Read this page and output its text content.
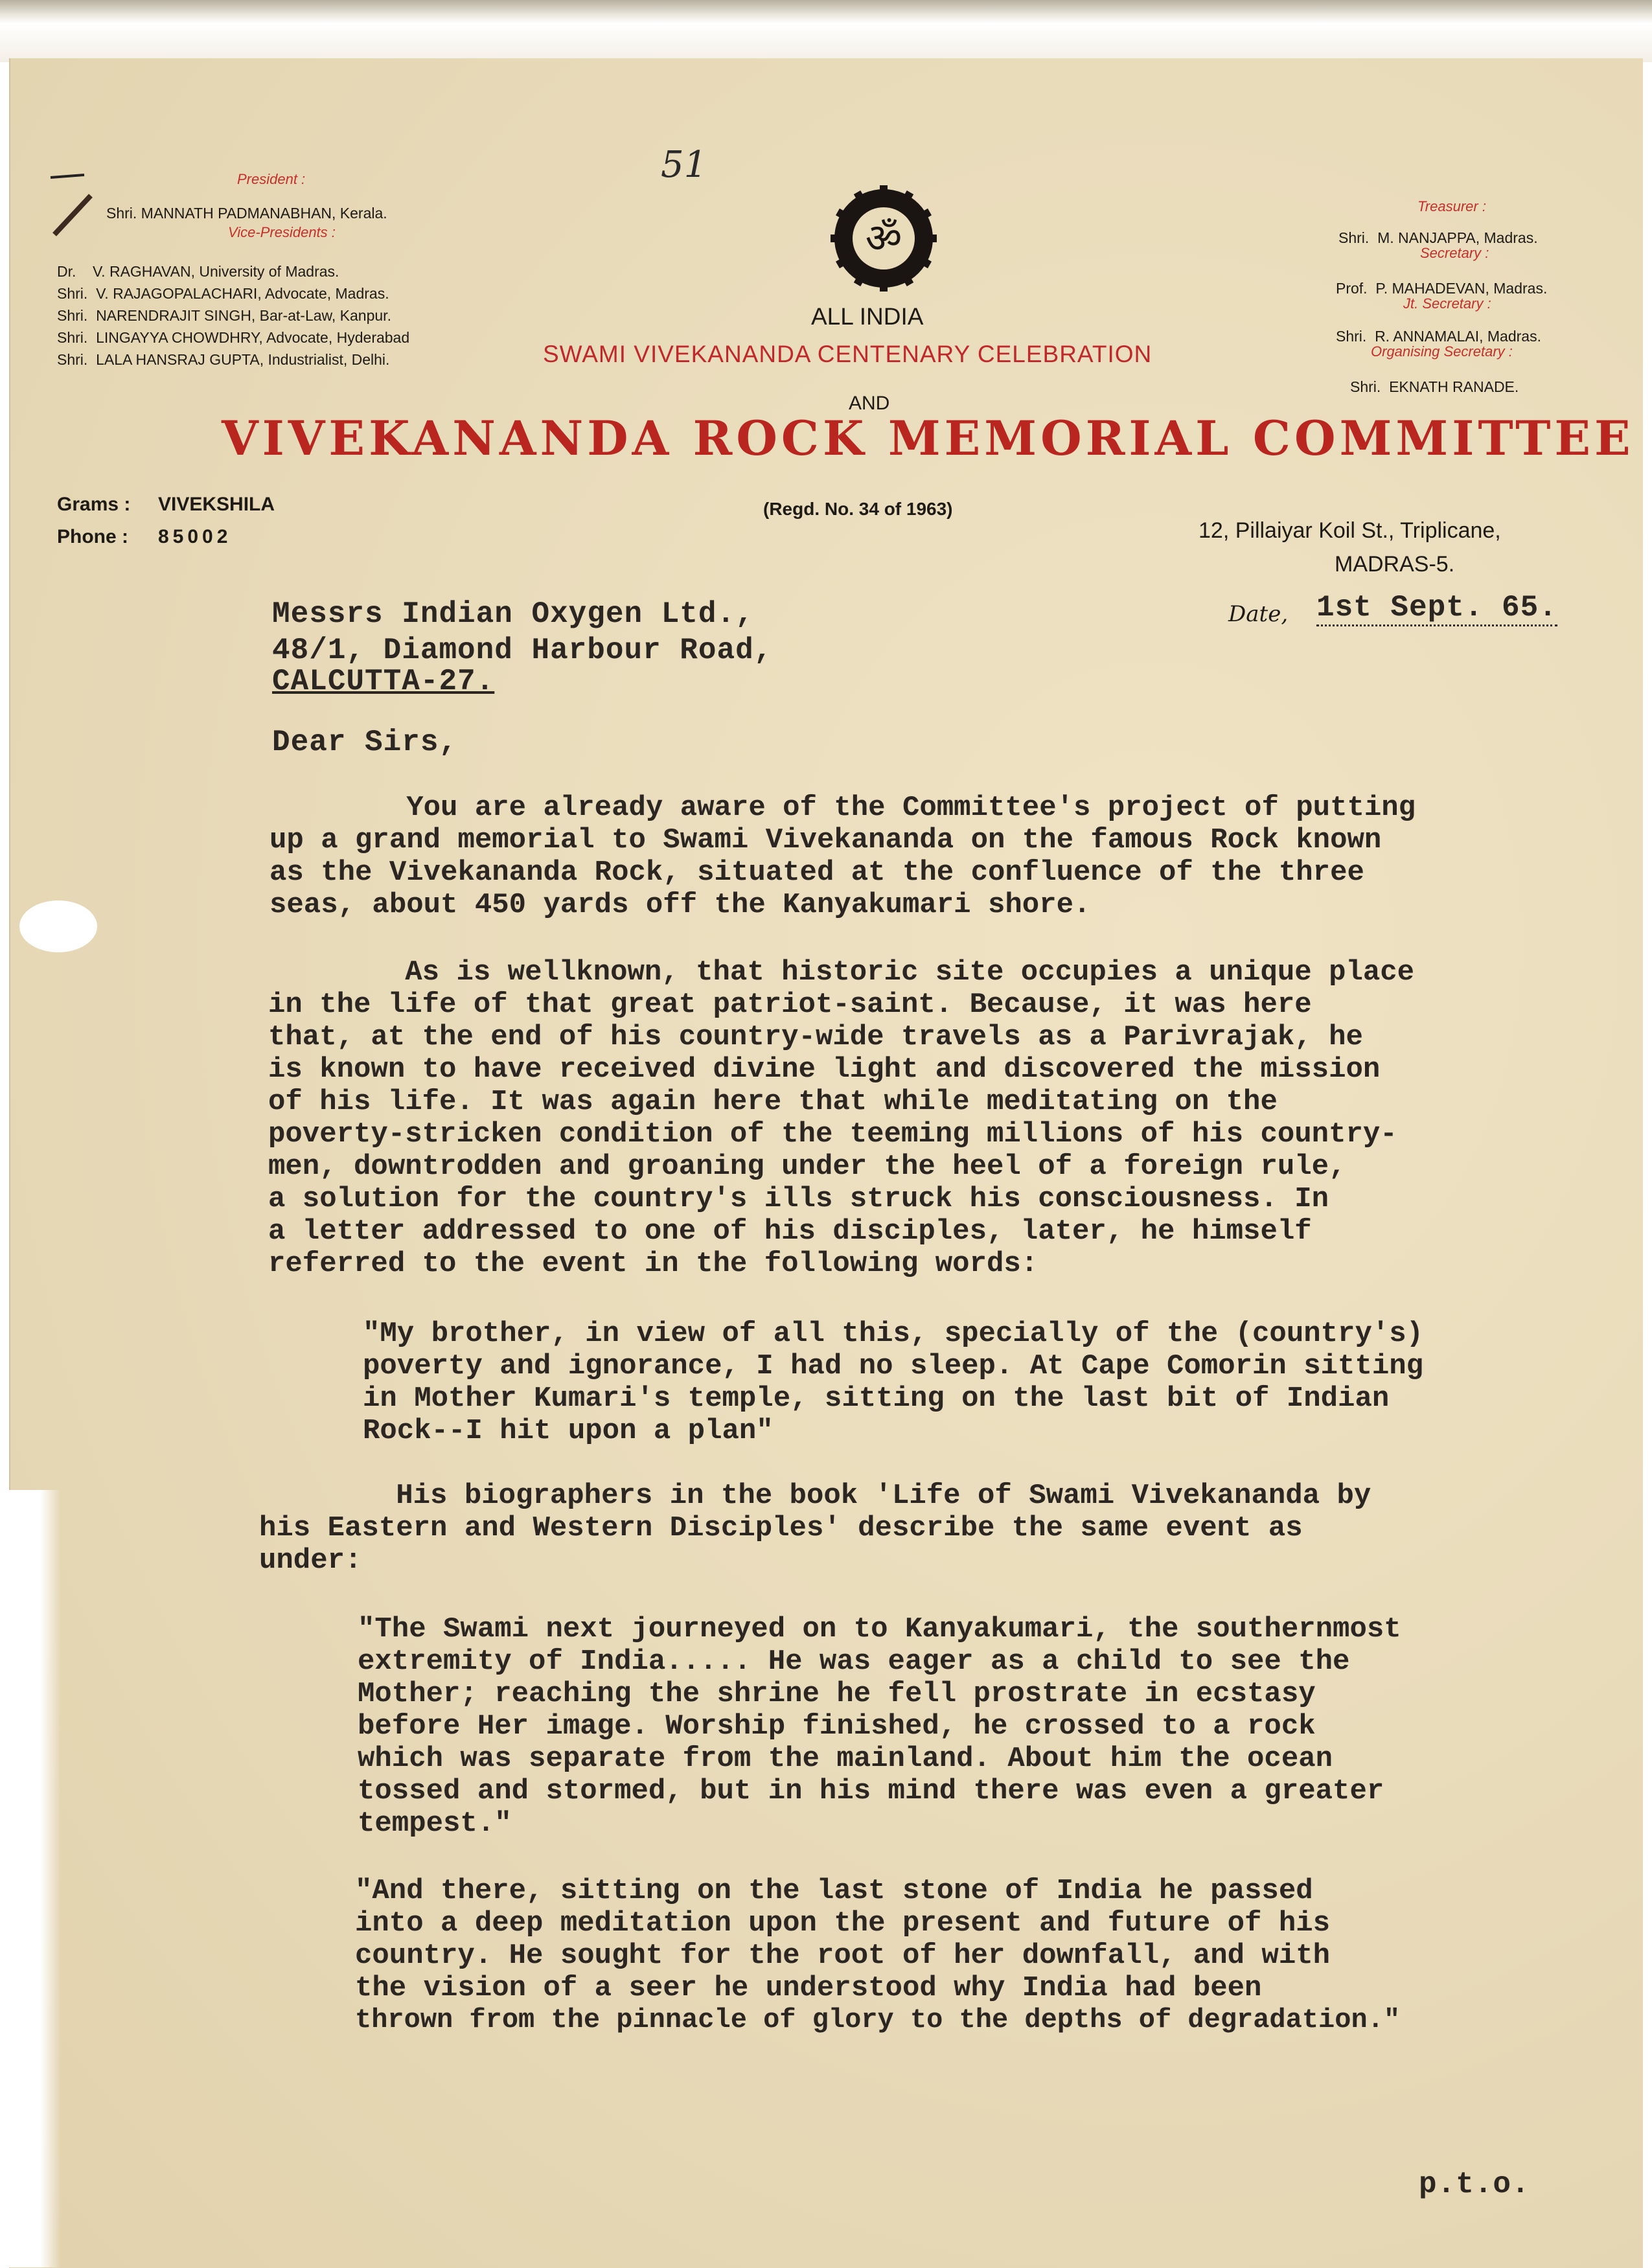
51
President :
Shri. MANNATH PADMANABHAN, Kerala.
Vice-Presidents :
Dr.    V. RAGHAVAN, University of Madras.
Shri.  V. RAJAGOPALACHARI, Advocate, Madras.
Shri.  NARENDRAJIT SINGH, Bar-at-Law, Kanpur.
Shri.  LINGAYYA CHOWDHRY, Advocate, Hyderabad
Shri.  LALA HANSRAJ GUPTA, Industrialist, Delhi.
ॐ
ALL INDIA
SWAMI VIVEKANANDA CENTENARY CELEBRATION
AND
VIVEKANANDA ROCK MEMORIAL COMMITTEE
(Regd. No. 34 of 1963)
Treasurer :
Shri.  M. NANJAPPA, Madras.
Secretary :
Prof.  P. MAHADEVAN, Madras.
Jt. Secretary :
Shri.  R. ANNAMALAI, Madras.
Organising Secretary :
Shri.  EKNATH RANADE.
Grams : VIVEKSHILA
Phone : 85002	12, Pillaiyar Koil St., Triplicane,
MADRAS-5.
Date, 1st Sept. 65.
Messrs Indian Oxygen Ltd.,
48/1, Diamond Harbour Road,
CALCUTTA-27.
Dear Sirs,
You are already aware of the Committee's project of putting
up a grand memorial to Swami Vivekananda on the famous Rock known
as the Vivekananda Rock, situated at the confluence of the three
seas, about 450 yards off the Kanyakumari shore.
As is wellknown, that historic site occupies a unique place
in the life of that great patriot-saint. Because, it was here
that, at the end of his country-wide travels as a Parivrajak, he
is known to have received divine light and discovered the mission
of his life. It was again here that while meditating on the
poverty-stricken condition of the teeming millions of his country-
men, downtrodden and groaning under the heel of a foreign rule,
a solution for the country's ills struck his consciousness. In
a letter addressed to one of his disciples, later, he himself
referred to the event in the following words:
"My brother, in view of all this, specially of the (country's)
poverty and ignorance, I had no sleep. At Cape Comorin sitting
in Mother Kumari's temple, sitting on the last bit of Indian
Rock--I hit upon a plan"
His biographers in the book 'Life of Swami Vivekananda by
his Eastern and Western Disciples' describe the same event as
under:
"The Swami next journeyed on to Kanyakumari, the southernmost
extremity of India..... He was eager as a child to see the
Mother; reaching the shrine he fell prostrate in ecstasy
before Her image. Worship finished, he crossed to a rock
which was separate from the mainland. About him the ocean
tossed and stormed, but in his mind there was even a greater
tempest."
"And there, sitting on the last stone of India he passed
into a deep meditation upon the present and future of his
country. He sought for the root of her downfall, and with
the vision of a seer he understood why India had been
thrown from the pinnacle of glory to the depths of degradation."
p.t.o.
